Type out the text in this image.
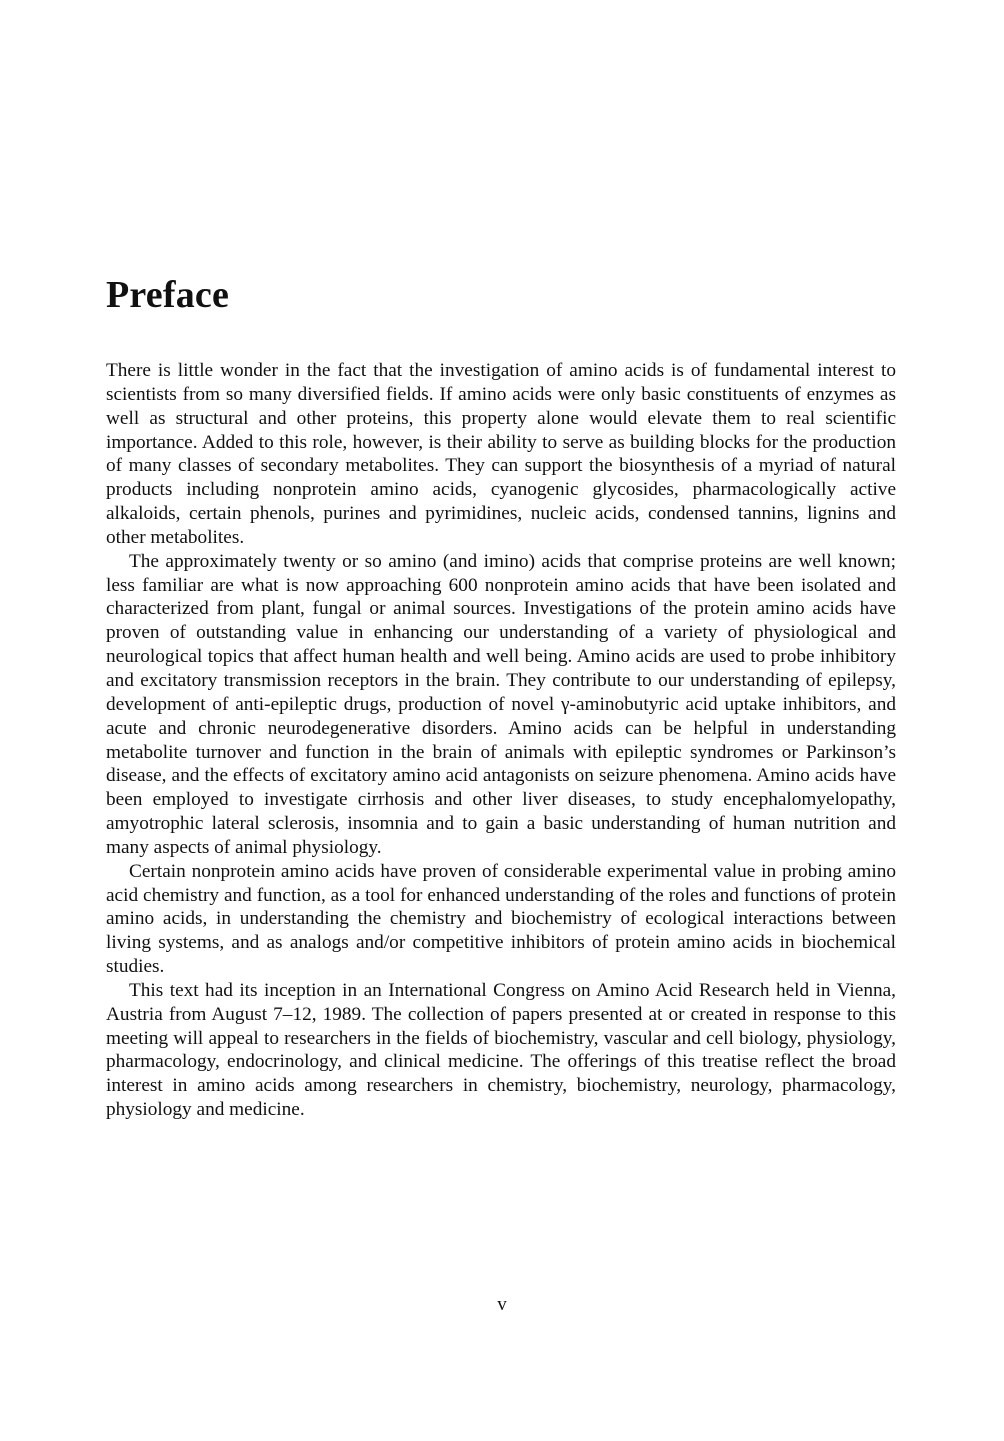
Preface

There is little wonder in the fact that the investigation of amino acids is of fundamental interest to scientists from so many diversified fields. If amino acids were only basic constituents of enzymes as well as structural and other proteins, this property alone would elevate them to real scientific importance. Added to this role, however, is their ability to serve as building blocks for the production of many classes of secondary metabolites. They can support the biosynthesis of a myriad of natural products including nonprotein amino acids, cyanogenic glycosides, pharmacologically active alkaloids, certain phenols, purines and pyrimidines, nucleic acids, condensed tannins, lignins and other metabolites.

The approximately twenty or so amino (and imino) acids that comprise proteins are well known; less familiar are what is now approaching 600 nonprotein amino acids that have been isolated and characterized from plant, fungal or animal sources. Investigations of the protein amino acids have proven of outstanding value in enhancing our understanding of a variety of physiological and neurological topics that affect human health and well being. Amino acids are used to probe inhibitory and excitatory transmission receptors in the brain. They contribute to our understanding of epilepsy, development of anti-epileptic drugs, production of novel γ-aminobutyric acid uptake inhibitors, and acute and chronic neurodegenerative disorders. Amino acids can be helpful in understanding metabolite turnover and function in the brain of animals with epileptic syndromes or Parkinson’s disease, and the effects of excitatory amino acid antagonists on seizure phenomena. Amino acids have been employed to investigate cirrhosis and other liver diseases, to study encephalomyelopathy, amyotrophic lateral sclerosis, insomnia and to gain a basic understanding of human nutrition and many aspects of animal physiology.

Certain nonprotein amino acids have proven of considerable experimental value in probing amino acid chemistry and function, as a tool for enhanced understanding of the roles and functions of protein amino acids, in understanding the chemistry and biochemistry of ecological interactions between living systems, and as analogs and/or competitive inhibitors of protein amino acids in biochemical studies.

This text had its inception in an International Congress on Amino Acid Research held in Vienna, Austria from August 7–12, 1989. The collection of papers presented at or created in response to this meeting will appeal to researchers in the fields of biochemistry, vascular and cell biology, physiology, pharmacology, endocrinology, and clinical medicine. The offerings of this treatise reflect the broad interest in amino acids among researchers in chemistry, biochemistry, neurology, pharmacology, physiology and medicine.

v
